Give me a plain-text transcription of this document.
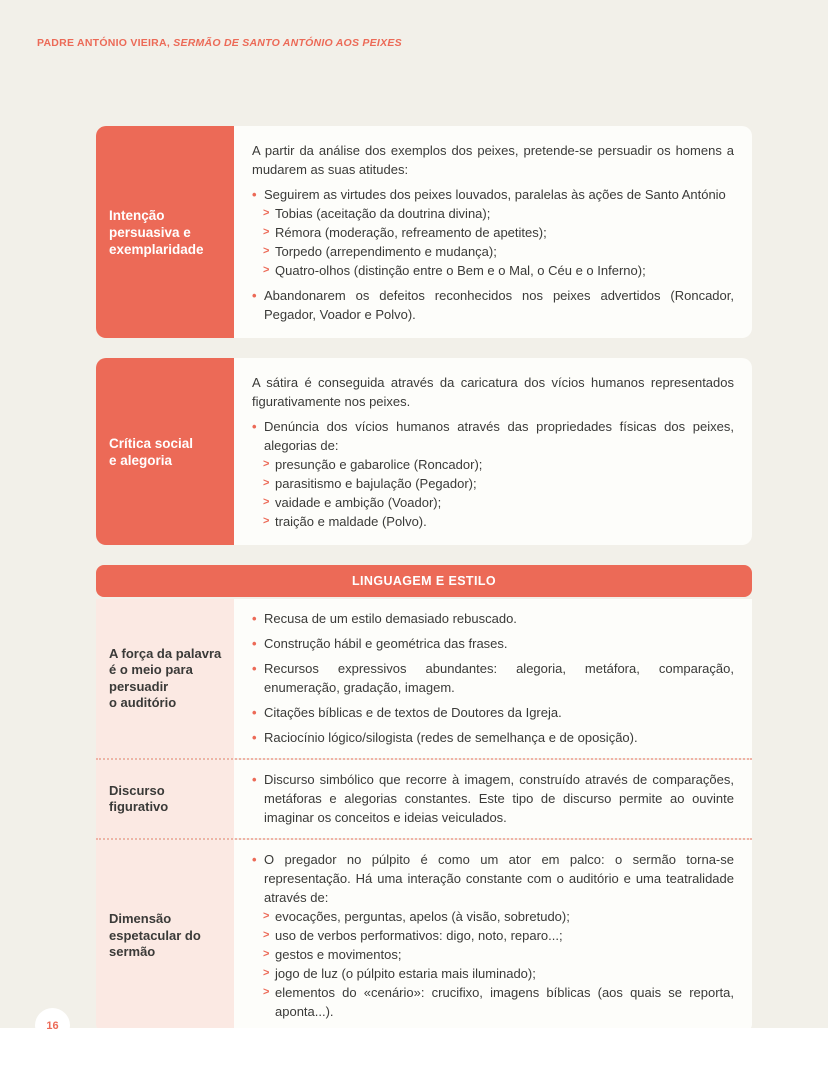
PADRE ANTÓNIO VIEIRA, SERMÃO DE SANTO ANTÓNIO AOS PEIXES
Intenção
persuasiva e
exemplaridade

A partir da análise dos exemplos dos peixes, pretende-se persuadir os homens a mudarem as suas atitudes:

• Seguirem as virtudes dos peixes louvados, paralelas às ações de Santo António
> Tobias (aceitação da doutrina divina);
> Rémora (moderação, refreamento de apetites);
> Torpedo (arrependimento e mudança);
> Quatro-olhos (distinção entre o Bem e o Mal, o Céu e o Inferno);
• Abandonarem os defeitos reconhecidos nos peixes advertidos (Roncador, Pegador, Voador e Polvo).
Crítica social
e alegoria

A sátira é conseguida através da caricatura dos vícios humanos representados figurativamente nos peixes.

• Denúncia dos vícios humanos através das propriedades físicas dos peixes, alegorias de:
> presunção e gabarolice (Roncador);
> parasitismo e bajulação (Pegador);
> vaidade e ambição (Voador);
> traição e maldade (Polvo).
LINGUAGEM E ESTILO
A força da palavra
é o meio para
persuadir
o auditório
• Recusa de um estilo demasiado rebuscado.
• Construção hábil e geométrica das frases.
• Recursos expressivos abundantes: alegoria, metáfora, comparação, enumeração, gradação, imagem.
• Citações bíblicas e de textos de Doutores da Igreja.
• Raciocínio lógico/silogista (redes de semelhança e de oposição).
Discurso figurativo
• Discurso simbólico que recorre à imagem, construído através de comparações, metáforas e alegorias constantes. Este tipo de discurso permite ao ouvinte imaginar os conceitos e ideias veiculados.
Dimensão
espetacular do
sermão
• O pregador no púlpito é como um ator em palco: o sermão torna-se representação. Há uma interação constante com o auditório e uma teatralidade através de:
> evocações, perguntas, apelos (à visão, sobretudo);
> uso de verbos performativos: digo, noto, reparo...;
> gestos e movimentos;
> jogo de luz (o púlpito estaria mais iluminado);
> elementos do «cenário»: crucifixo, imagens bíblicas (aos quais se reporta, aponta...).
16
